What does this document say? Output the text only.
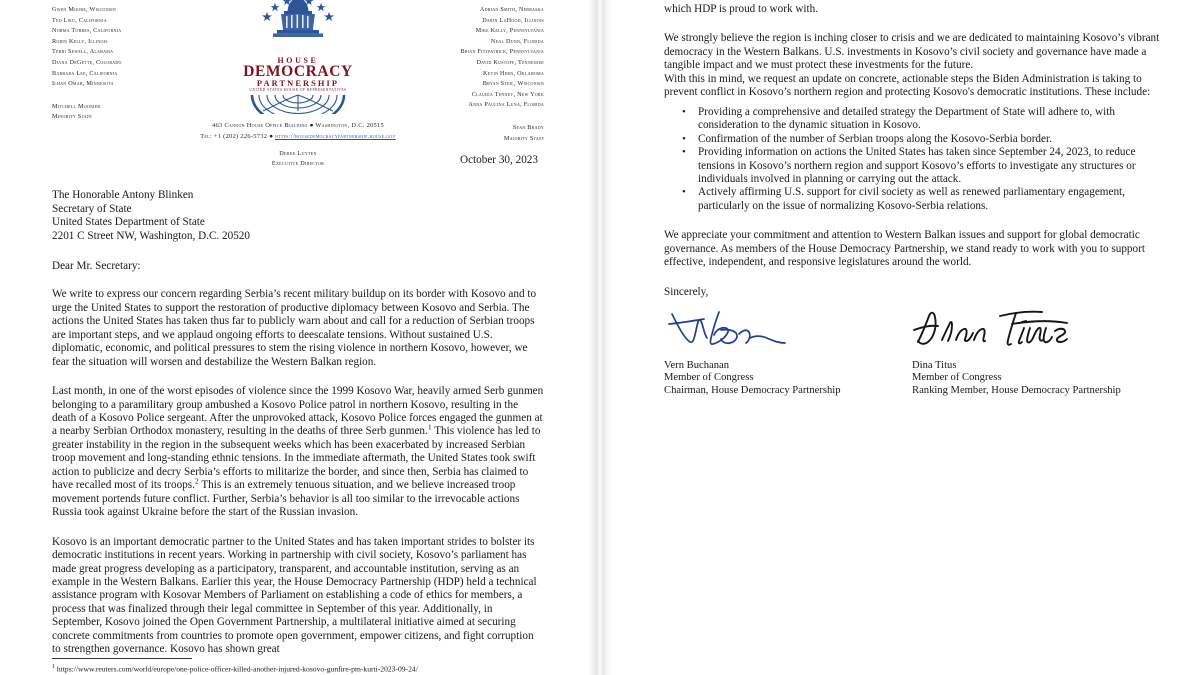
Gwen Moore, Wisconsin
Ted Lieu, California
Norma Torres, California
Robin Kelly, Illinois
Terri Sewell, Alabama
Diana DeGette, Colorado
Barbara Lee, California
Ilhan Omar, Minnesota
Mitchell Moonier
Minority Staff

Adrian Smith, Nebraska
Darin LaHood, Illinois
Mike Kelly, Pennsylvania
Neal Dunn, Florida
Brian Fitzpatrick, Pennsylvania
David Kustoff, Tennessee
Kevin Hern, Oklahoma
Bryan Steil, Wisconsin
Claudia Tenney, New York
Anna Paulina Luna, Florida
Sean Brady
Majority Staff
HOUSE
DEMOCRACY
PARTNERSHIP
UNITED STATES HOUSE OF REPRESENTATIVES
463 Cannon House Office Building ● Washington, D.C. 20515
Tel: +1 (202) 226-5732 ● https://housedemocracypartnership.house.gov
Derek Luyten
Executive Director	October 30, 2023
The Honorable Antony Blinken
Secretary of State
United States Department of State
2201 C Street NW, Washington, D.C. 20520
Dear Mr. Secretary:

We write to express our concern regarding Serbia’s recent military buildup on its border with Kosovo and to urge the United States to support the restoration of productive diplomacy between Kosovo and Serbia. The actions the United States has taken thus far to publicly warn about and call for a reduction of Serbian troops are important steps, and we applaud ongoing efforts to deescalate tensions. Without sustained U.S. diplomatic, economic, and political pressures to stem the rising violence in northern Kosovo, however, we fear the situation will worsen and destabilize the Western Balkan region.

Last month, in one of the worst episodes of violence since the 1999 Kosovo War, heavily armed Serb gunmen belonging to a paramilitary group ambushed a Kosovo Police patrol in northern Kosovo, resulting in the death of a Kosovo Police sergeant. After the unprovoked attack, Kosovo Police forces engaged the gunmen at a nearby Serbian Orthodox monastery, resulting in the deaths of three Serb gunmen.$^1$ This violence has led to greater instability in the region in the subsequent weeks which has been exacerbated by increased Serbian troop movement and long-standing ethnic tensions. In the immediate aftermath, the United States took swift action to publicize and decry Serbia’s efforts to militarize the border, and since then, Serbia has claimed to have recalled most of its troops.$^2$ This is an extremely tenuous situation, and we believe increased troop movement portends future conflict. Further, Serbia’s behavior is all too similar to the irrevocable actions Russia took against Ukraine before the start of the Russian invasion.

Kosovo is an important democratic partner to the United States and has taken important strides to bolster its democratic institutions in recent years. Working in partnership with civil society, Kosovo’s parliament has made great progress developing as a participatory, transparent, and accountable institution, serving as an example in the Western Balkans. Earlier this year, the House Democracy Partnership (HDP) held a technical assistance program with Kosovar Members of Parliament on establishing a code of ethics for members, a process that was finalized through their legal committee in September of this year. Additionally, in September, Kosovo joined the Open Government Partnership, a multilateral initiative aimed at securing concrete commitments from countries to promote open government, empower citizens, and fight corruption to strengthen governance. Kosovo has shown great

$^1$ https://www.reuters.com/world/europe/one-police-officer-killed-another-injured-kosovo-gunfire-pm-kurti-2023-09-24/

which HDP is proud to work with.

We strongly believe the region is inching closer to crisis and we are dedicated to maintaining Kosovo’s vibrant democracy in the Western Balkans. U.S. investments in Kosovo’s civil society and governance have made a tangible impact and we must protect these investments for the future.

With this in mind, we request an update on concrete, actionable steps the Biden Administration is taking to prevent conflict in Kosovo’s northern region and protecting Kosovo's democratic institutions. These include:

• Providing a comprehensive and detailed strategy the Department of State will adhere to, with consideration to the dynamic situation in Kosovo.
• Confirmation of the number of Serbian troops along the Kosovo-Serbia border.
• Providing information on actions the United States has taken since September 24, 2023, to reduce tensions in Kosovo’s northern region and support Kosovo’s efforts to investigate any structures or individuals involved in planning or carrying out the attack.
• Actively affirming U.S. support for civil society as well as renewed parliamentary engagement, particularly on the issue of normalizing Kosovo-Serbia relations.

We appreciate your commitment and attention to Western Balkan issues and support for global democratic governance. As members of the House Democracy Partnership, we stand ready to work with you to support effective, independent, and responsive legislatures around the world.

Sincerely,
Vern Buchanan
Member of Congress
Chairman, House Democracy Partnership
Dina Titus
Member of Congress
Ranking Member, House Democracy Partnership
